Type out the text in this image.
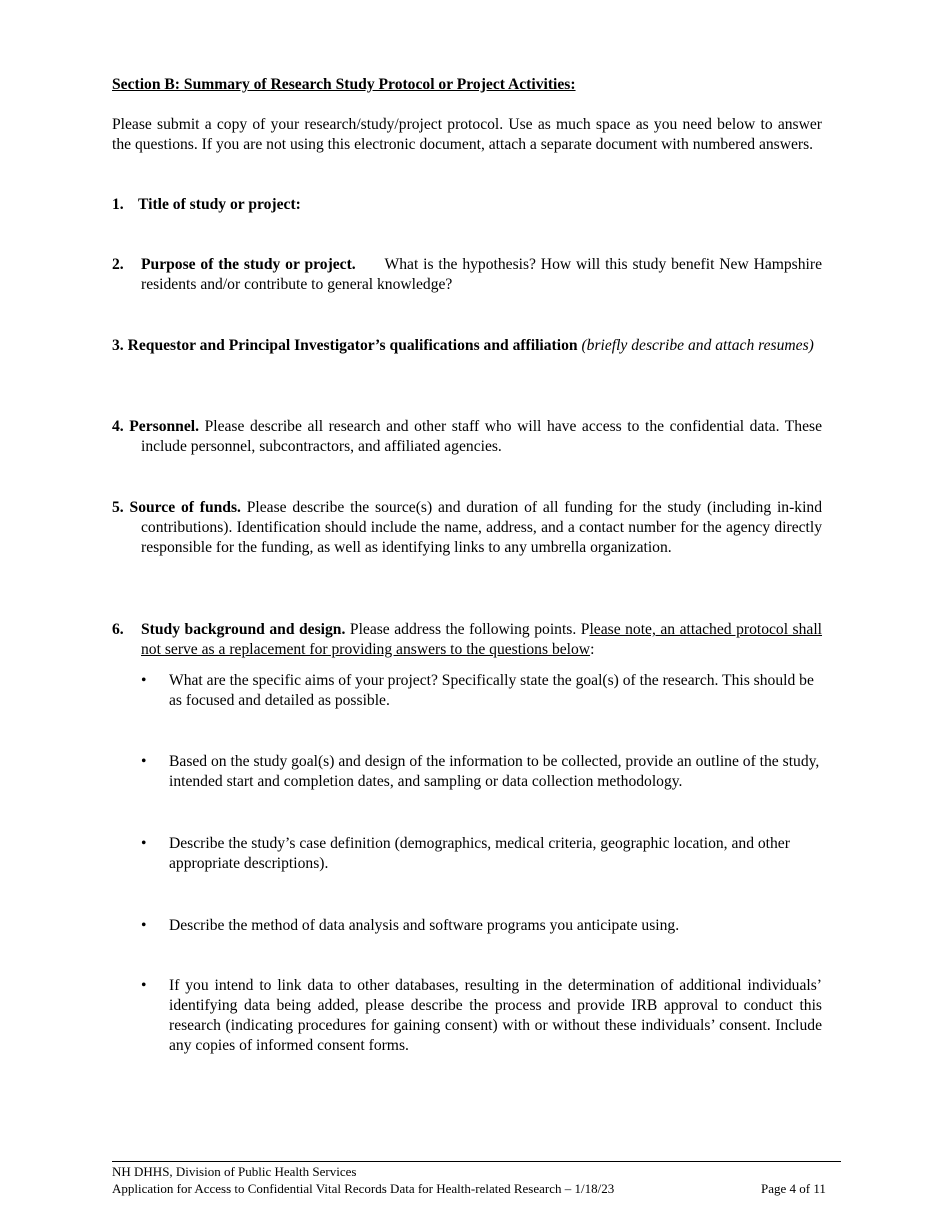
Section B: Summary of Research Study Protocol or Project Activities:
Please submit a copy of your research/study/project protocol. Use as much space as you need below to answer the questions. If you are not using this electronic document, attach a separate document with numbered answers.
1. Title of study or project:
2.	Purpose of the study or project. What is the hypothesis? How will this study benefit New Hampshire residents and/or contribute to general knowledge?
3. Requestor and Principal Investigator’s qualifications and affiliation (briefly describe and attach resumes)
4. Personnel. Please describe all research and other staff who will have access to the confidential data. These include personnel, subcontractors, and affiliated agencies.
5. Source of funds. Please describe the source(s) and duration of all funding for the study (including in-kind contributions). Identification should include the name, address, and a contact number for the agency directly responsible for the funding, as well as identifying links to any umbrella organization.
6.	Study background and design. Please address the following points. Please note, an attached protocol shall not serve as a replacement for providing answers to the questions below:
•	What are the specific aims of your project? Specifically state the goal(s) of the research. This should be as focused and detailed as possible.
•	Based on the study goal(s) and design of the information to be collected, provide an outline of the study, intended start and completion dates, and sampling or data collection methodology.
•	Describe the study’s case definition (demographics, medical criteria, geographic location, and other appropriate descriptions).
•	Describe the method of data analysis and software programs you anticipate using.
•	If you intend to link data to other databases, resulting in the determination of additional individuals’ identifying data being added, please describe the process and provide IRB approval to conduct this research (indicating procedures for gaining consent) with or without these individuals’ consent. Include any copies of informed consent forms.
NH DHHS, Division of Public Health Services
Application for Access to Confidential Vital Records Data for Health-related Research – 1/18/23	Page 4 of 11
